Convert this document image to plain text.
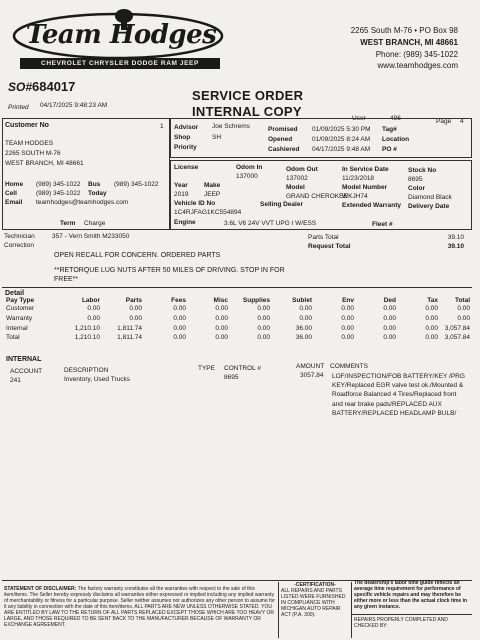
Team Hodges
CHEVROLET CHRYSLER DODGE RAM JEEP
2265 South M-76 • PO Box 98
WEST BRANCH, MI 48661
Phone: (989) 345-1022
www.teamhodges.com
SO# 684017
Printed 04/17/2025 9:48:23 AM
SERVICE ORDER
INTERNAL COPY	User	496	Page 4
Customer No	1
TEAM HODGES
2265 SOUTH M-76
WEST BRANCH, MI 48661
Home (989) 345-1022 Bus (989) 345-1022
Cell	(989) 345-1022 Today
Email teamhodges@teamhodges.com
Term Charge
Advisor Joe Schrems
Shop	SH
Priority
Promised 01/09/2025 5:30 PM
Opened	01/09/2025 8:24 AM
Cashiered 04/17/2025 9:48 AM
Tag#
Location
PO #
License	Odom In
137000
Odom Out
137002
In Service Date
11/23/2018
Stock No
8695
Year
2019
Make
JEEP
Model
GRAND CHEROKEE
Model Number
WKJH74
Color
Diamond Black
Vehicle ID No
1C4RJFAG1KC554894
Selling Dealer	Extended Warranty Delivery Date
Engine	3.6L V6 24V VVT UPG I W/ESS	Fleet #
Technician	357 - Vern Smith M233050
Correction
Parts Total	39.10
Request Total	39.10
OPEN RECALL FOR CONCERN. ORDERED PARTS
**RETORQUE LUG NUTS AFTER 50 MILES OF DRIVING. STOP IN FOR
FREE**
Detail
Pay Type	Labor	Parts	Fees	Misc	Supplies	Sublet	Env	Ded	Tax	Total
Customer	0.00	0.00	0.00	0.00	0.00	0.00	0.00	0.00	0.00	0.00
Warranty	0.00	0.00	0.00	0.00	0.00	0.00	0.00	0.00	0.00	0.00
Internal	1,210.10	1,811.74	0.00	0.00	0.00	36.00	0.00	0.00	0.00	3,057.84
Total	1,210.10	1,811.74	0.00	0.00	0.00	36.00	0.00	0.00	0.00	3,057.84
INTERNAL
ACCOUNT
241
DESCRIPTION
Inventory, Used Trucks
TYPE CONTROL #
8695
AMOUNT
3057.84
COMMENTS
LOF/INSPECTION/FOB BATTERY/KEY /PRG
KEY/Replaced EGR valve test ok./Mounted &
Roadforce Balanced 4 Tires/Replaced front
and rear brake pads/REPLACED AUX
BATTERY/REPLACED HEADLAMP BULB/
STATEMENT OF DISCLAIMER: The factory warranty constitutes all the warranties with respect to the sale of this item/items. The Seller hereby expressly disclaims all warranties either expressed or implied including any implied warranty of merchantability or fitness for a particular purpose. Seller neither assumes nor authorizes any other person to assume for it any liability in connection with the date of this item/items. ALL PARTS ARE NEW UNLESS OTHERWISE STATED. YOU ARE ENTITLED BY LAW TO THE RETURN OF ALL PARTS REPLACED EXCEPT THOSE WHICH ARE TOO HEAVY OR LARGE, AND THOSE REQUIRED TO BE SENT BACK TO THE MANUFACTURER BECAUSE OF WARRANTY OR EXCHANGE AGREEMENT.
-CERTIFICATION-
ALL REPAIRS AND PARTS LISTED WERE FURNISHED IN COMPLIANCE WITH MICHIGAN AUTO REPAIR ACT (P.A. 300).
The dealership's labor time guide reflects an average time requirement for performance of specific vehicle repairs and may therefore be either more or less than the actual clock time in any given instance.
REPAIRS PROPERLY COMPLETED AND CHECKED BY:
